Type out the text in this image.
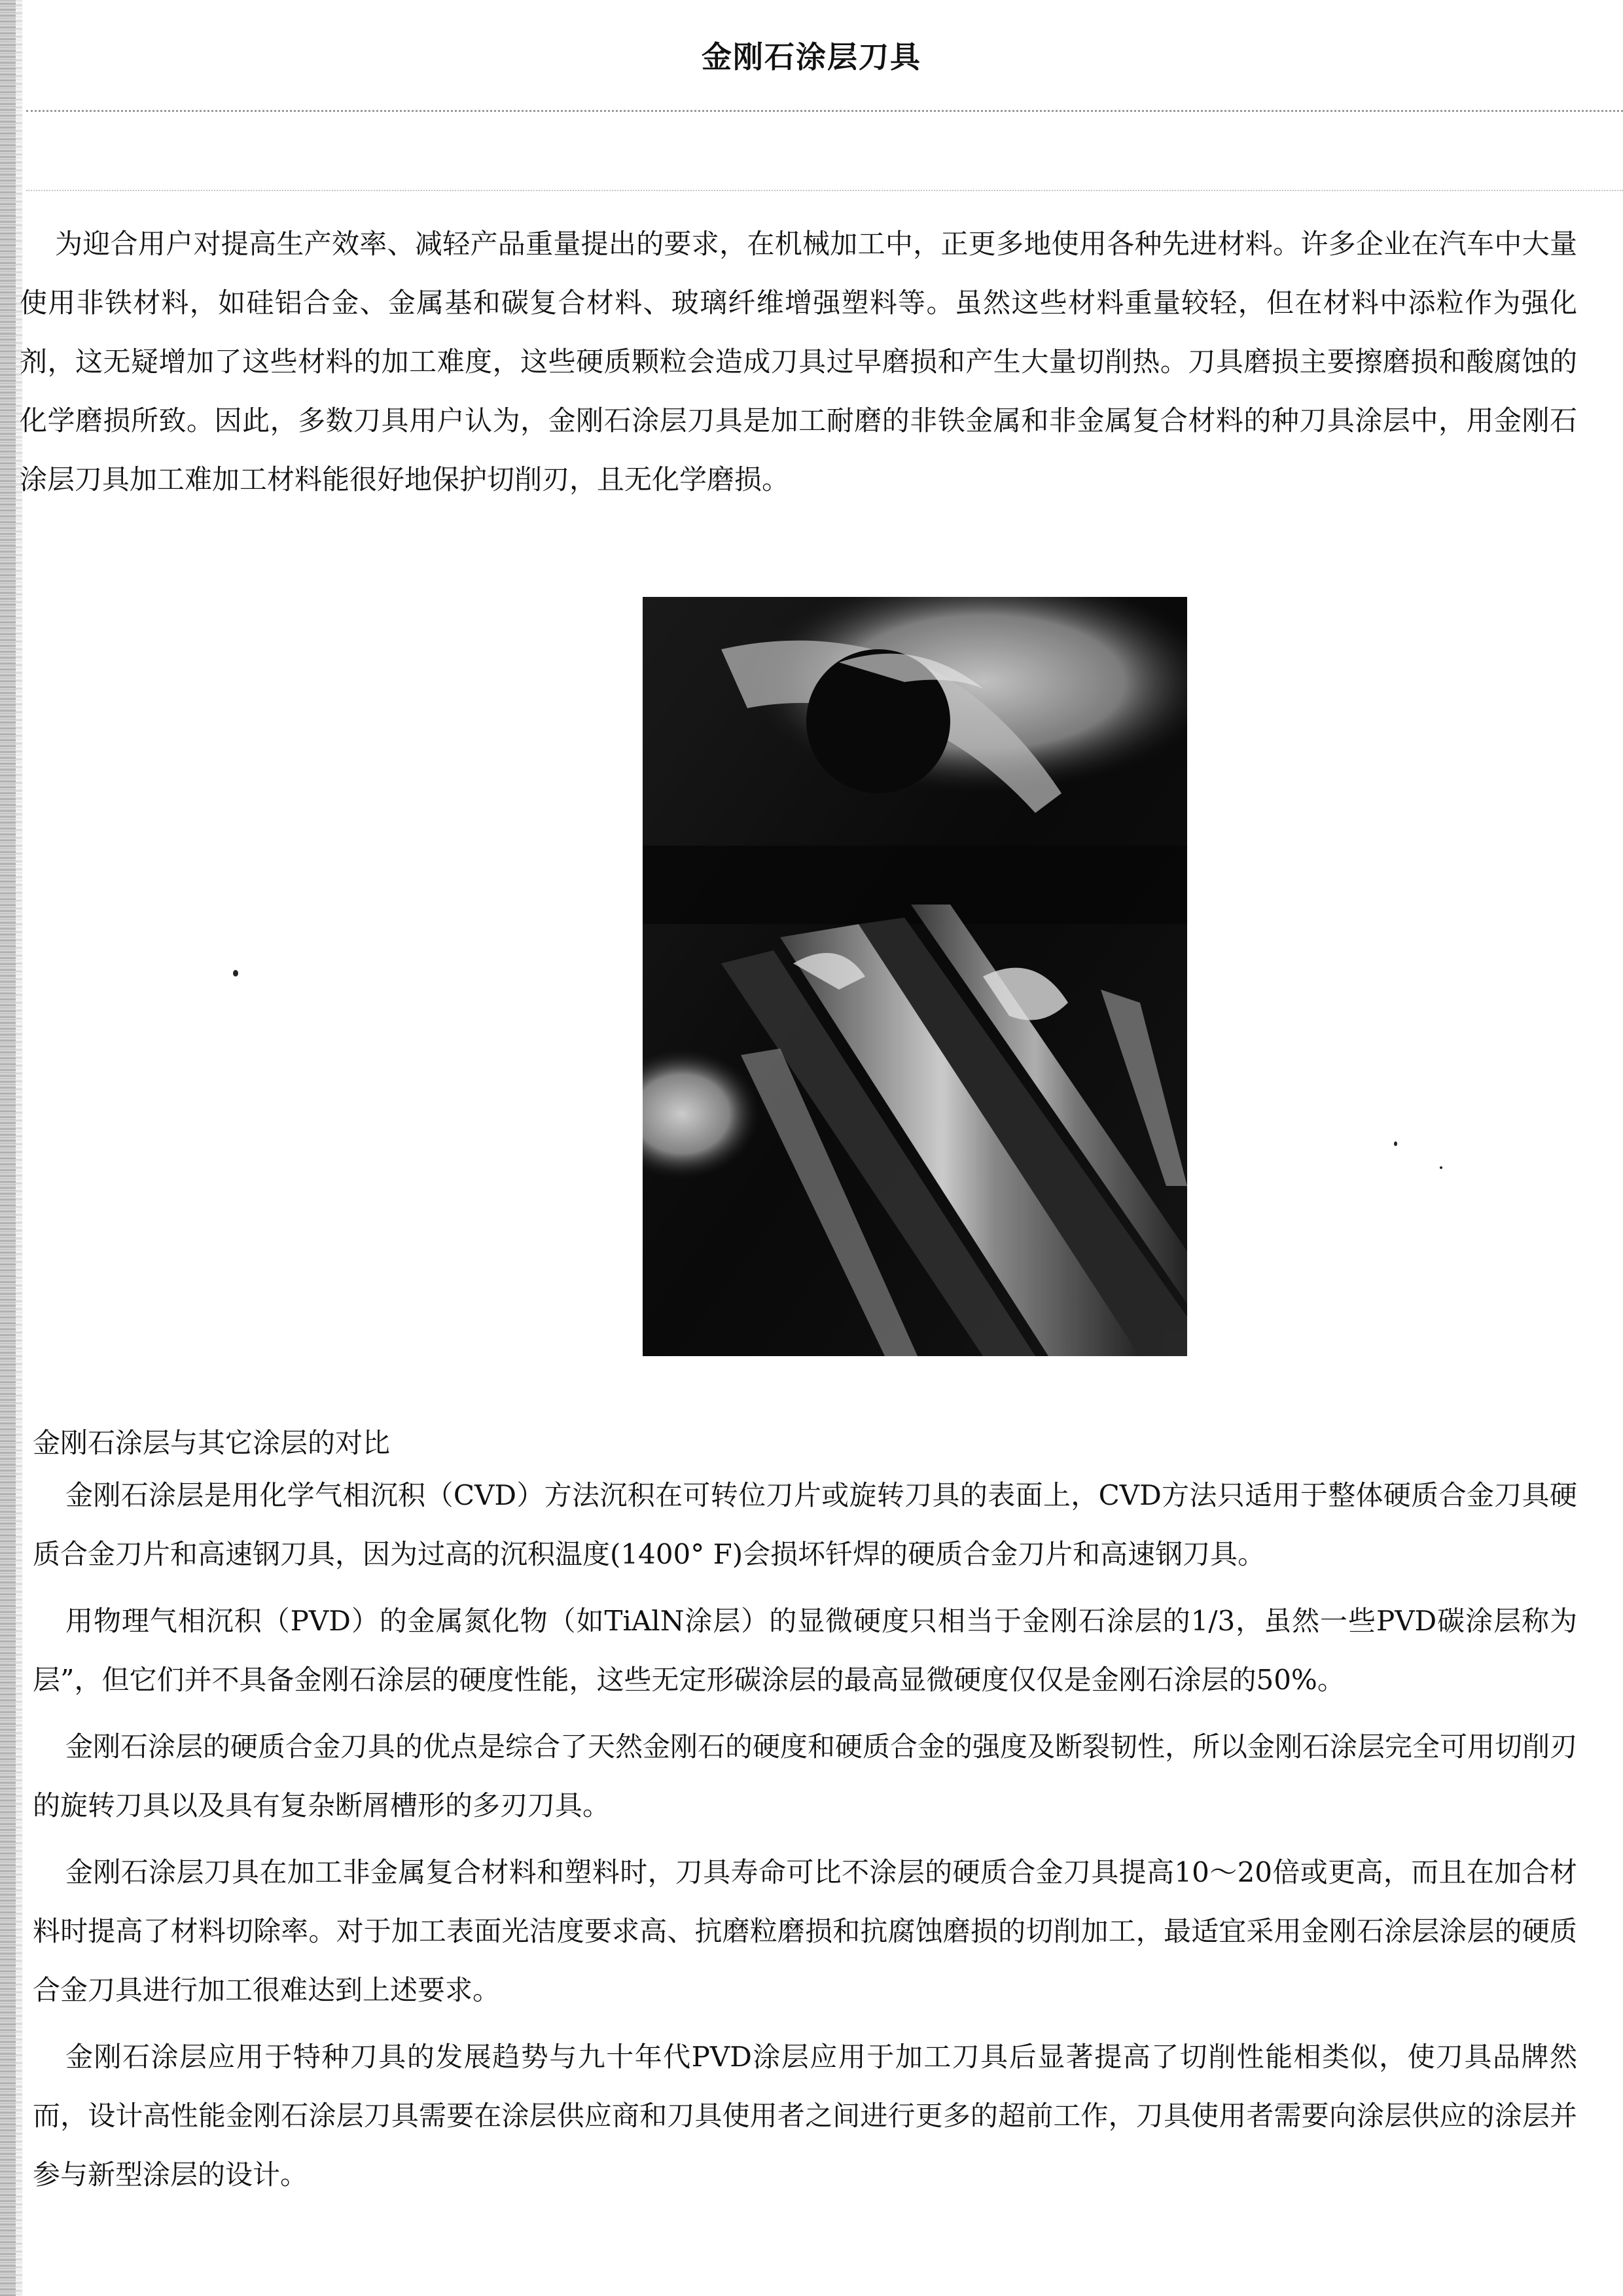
金刚石涂层刀具

为迎合用户对提高生产效率、减轻产品重量提出的要求，在机械加工中，正更多地使用各种先进材料。许多企业在汽车中大量使用非铁材料，如硅铝合金、金属基和碳复合材料、玻璃纤维增强塑料等。虽然这些材料重量较轻，但在材料中添粒作为强化剂，这无疑增加了这些材料的加工难度，这些硬质颗粒会造成刀具过早磨损和产生大量切削热。刀具磨损主要擦磨损和酸腐蚀的化学磨损所致。因此，多数刀具用户认为，金刚石涂层刀具是加工耐磨的非铁金属和非金属复合材料的种刀具涂层中，用金刚石涂层刀具加工难加工材料能很好地保护切削刃，且无化学磨损。

金刚石涂层与其它涂层的对比

金刚石涂层是用化学气相沉积（CVD）方法沉积在可转位刀片或旋转刀具的表面上，CVD方法只适用于整体硬质合金刀具硬质合金刀片和高速钢刀具，因为过高的沉积温度(1400° F)会损坏钎焊的硬质合金刀片和高速钢刀具。

用物理气相沉积（PVD）的金属氮化物（如TiAlN涂层）的显微硬度只相当于金刚石涂层的1/3，虽然一些PVD碳涂层称为层”，但它们并不具备金刚石涂层的硬度性能，这些无定形碳涂层的最高显微硬度仅仅是金刚石涂层的50%。

金刚石涂层的硬质合金刀具的优点是综合了天然金刚石的硬度和硬质合金的强度及断裂韧性，所以金刚石涂层完全可用切削刃的旋转刀具以及具有复杂断屑槽形的多刃刀具。

金刚石涂层刀具在加工非金属复合材料和塑料时，刀具寿命可比不涂层的硬质合金刀具提高10～20倍或更高，而且在加合材料时提高了材料切除率。对于加工表面光洁度要求高、抗磨粒磨损和抗腐蚀磨损的切削加工，最适宜采用金刚石涂层涂层的硬质合金刀具进行加工很难达到上述要求。

金刚石涂层应用于特种刀具的发展趋势与九十年代PVD涂层应用于加工刀具后显著提高了切削性能相类似，使刀具品牌然而，设计高性能金刚石涂层刀具需要在涂层供应商和刀具使用者之间进行更多的超前工作，刀具使用者需要向涂层供应的涂层并参与新型涂层的设计。
